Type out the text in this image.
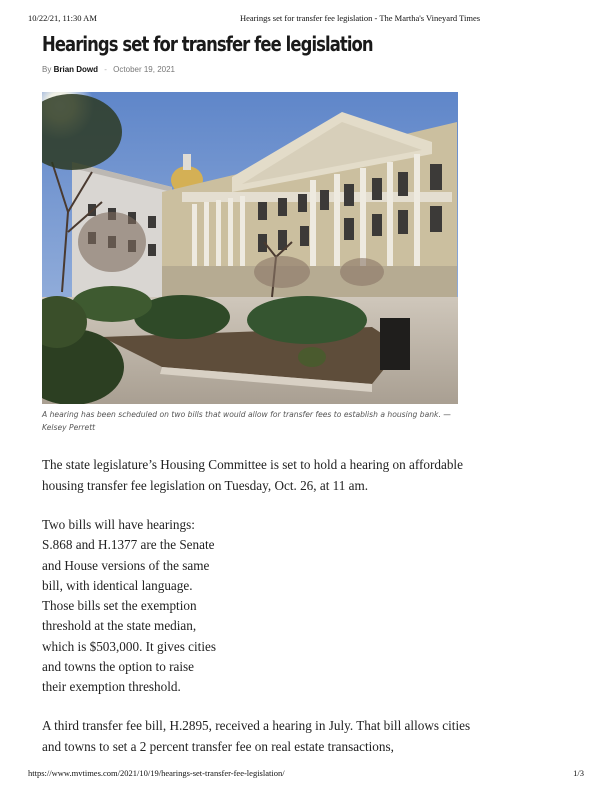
10/22/21, 11:30 AM	Hearings set for transfer fee legislation - The Martha's Vineyard Times
Hearings set for transfer fee legislation
By Brian Dowd - October 19, 2021
A hearing has been scheduled on two bills that would allow for transfer fees to establish a housing bank. — Kelsey Perrett

The state legislature’s Housing Committee is set to hold a hearing on affordable housing transfer fee legislation on Tuesday, Oct. 26, at 11 am.

Two bills will have hearings:
S.868 and H.1377 are the Senate
and House versions of the same
bill, with identical language.
Those bills set the exemption
threshold at the state median,
which is $503,000. It gives cities
and towns the option to raise
their exemption threshold.

A third transfer fee bill, H.2895, received a hearing in July. That bill allows cities and towns to set a 2 percent transfer fee on real estate transactions,

https://www.mvtimes.com/2021/10/19/hearings-set-transfer-fee-legislation/	1/3
